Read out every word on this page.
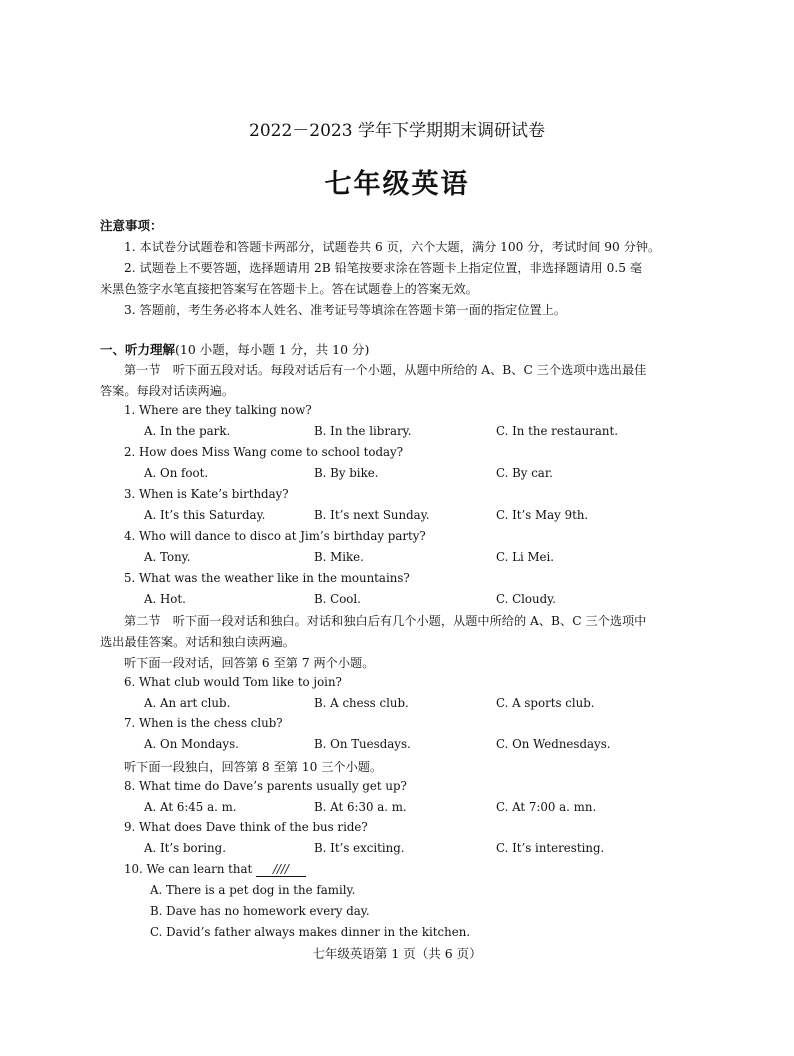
2022－2023 学年下学期期末调研试卷
七年级英语
注意事项：
1. 本试卷分试题卷和答题卡两部分，试题卷共 6 页，六个大题，满分 100 分，考试时间 90 分钟。
2. 试题卷上不要答题，选择题请用 2B 铅笔按要求涂在答题卡上指定位置，非选择题请用 0.5 毫
米黑色签字水笔直接把答案写在答题卡上。答在试题卷上的答案无效。
3. 答题前，考生务必将本人姓名、准考证号等填涂在答题卡第一面的指定位置上。
一、听力理解(10 小题，每小题 1 分，共 10 分)
第一节　听下面五段对话。每段对话后有一个小题，从题中所给的 A、B、C 三个选项中选出最佳
答案。每段对话读两遍。
1. Where are they talking now?
A. In the park.	B. In the library.	C. In the restaurant.
2. How does Miss Wang come to school today?
A. On foot.	B. By bike.	C. By car.
3. When is Kate’s birthday?
A. It’s this Saturday.	B. It’s next Sunday.	C. It’s May 9th.
4. Who will dance to disco at Jim’s birthday party?
A. Tony.	B. Mike.	C. Li Mei.
5. What was the weather like in the mountains?
A. Hot.	B. Cool.	C. Cloudy.
第二节　听下面一段对话和独白。对话和独白后有几个小题，从题中所给的 A、B、C 三个选项中
选出最佳答案。对话和独白读两遍。
听下面一段对话，回答第 6 至第 7 两个小题。
6. What club would Tom like to join?
A. An art club.	B. A chess club.	C. A sports club.
7. When is the chess club?
A. On Mondays.	B. On Tuesdays.	C. On Wednesdays.
听下面一段独白，回答第 8 至第 10 三个小题。
8. What time do Dave’s parents usually get up?
A. At 6:45 a. m.	B. At 6:30 a. m.	C. At 7:00 a. mn.
9. What does Dave think of the bus ride?
A. It’s boring.	B. It’s exciting.	C. It’s interesting.
10. We can learn that ////
A. There is a pet dog in the family.
B. Dave has no homework every day.
C. David’s father always makes dinner in the kitchen.
七年级英语第 1 页（共 6 页）
